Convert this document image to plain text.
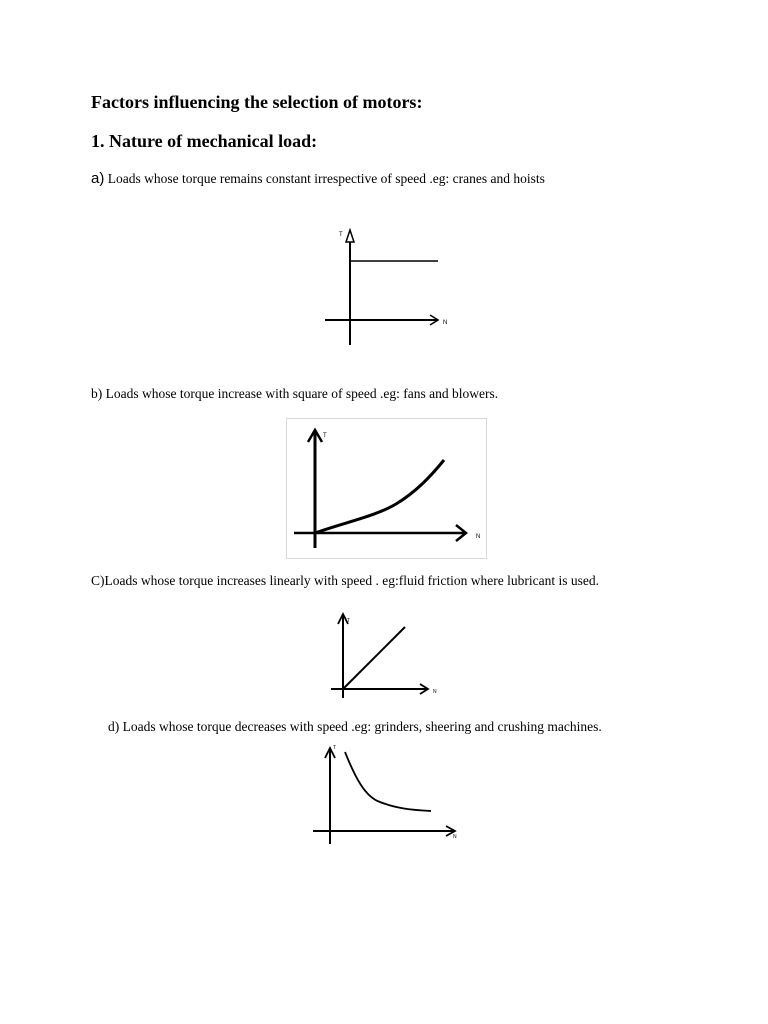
Factors influencing the selection of motors:
1. Nature of mechanical load:

a) Loads whose torque remains constant irrespective of speed .eg: cranes and hoists

T
N

b) Loads whose torque increase with square of speed .eg: fans and blowers.

T
N

C)Loads whose torque increases linearly with speed . eg:fluid friction where lubricant is used.

T
N

d) Loads whose torque decreases with speed .eg: grinders, sheering and crushing machines.

T
N
